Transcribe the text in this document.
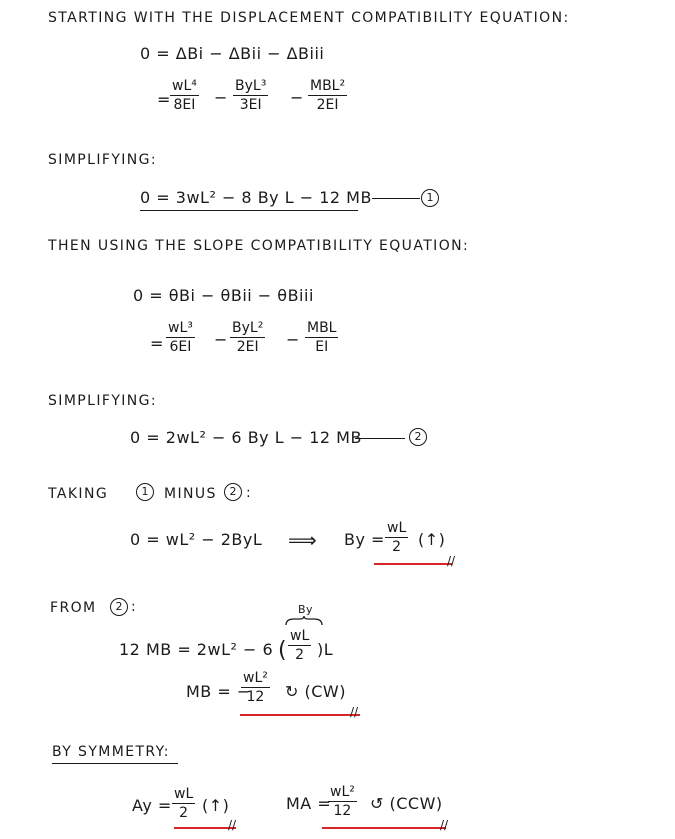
STARTING WITH THE DISPLACEMENT COMPATIBILITY EQUATION:
0 = ΔBi − ΔBii − ΔBiii
=
wL⁴
8EI −
ByL³
3EI −
MBL²
2EI
SIMPLIFYING:
0 = 3wL² − 8 By L − 12 MB	1
THEN USING THE SLOPE COMPATIBILITY EQUATION:
0 = θBi − θBii − θBiii
=
wL³
6EI −
ByL²
2EI −
MBL
EI
SIMPLIFYING:
0 = 2wL² − 6 By L − 12 MB	2
TAKING	1	MINUS	2 :
0 = wL² − 2ByL ⟹ By =
wL
2 (↑)
//
FROM	2 :	By
12 MB = 2wL² − 6 (
wL
2 )L
MB = −
wL²
12 ↻ (CW)
//
BY SYMMETRY:
Ay =
wL
2 (↑)
//
MA =
wL²
12 ↺ (CCW)
//
